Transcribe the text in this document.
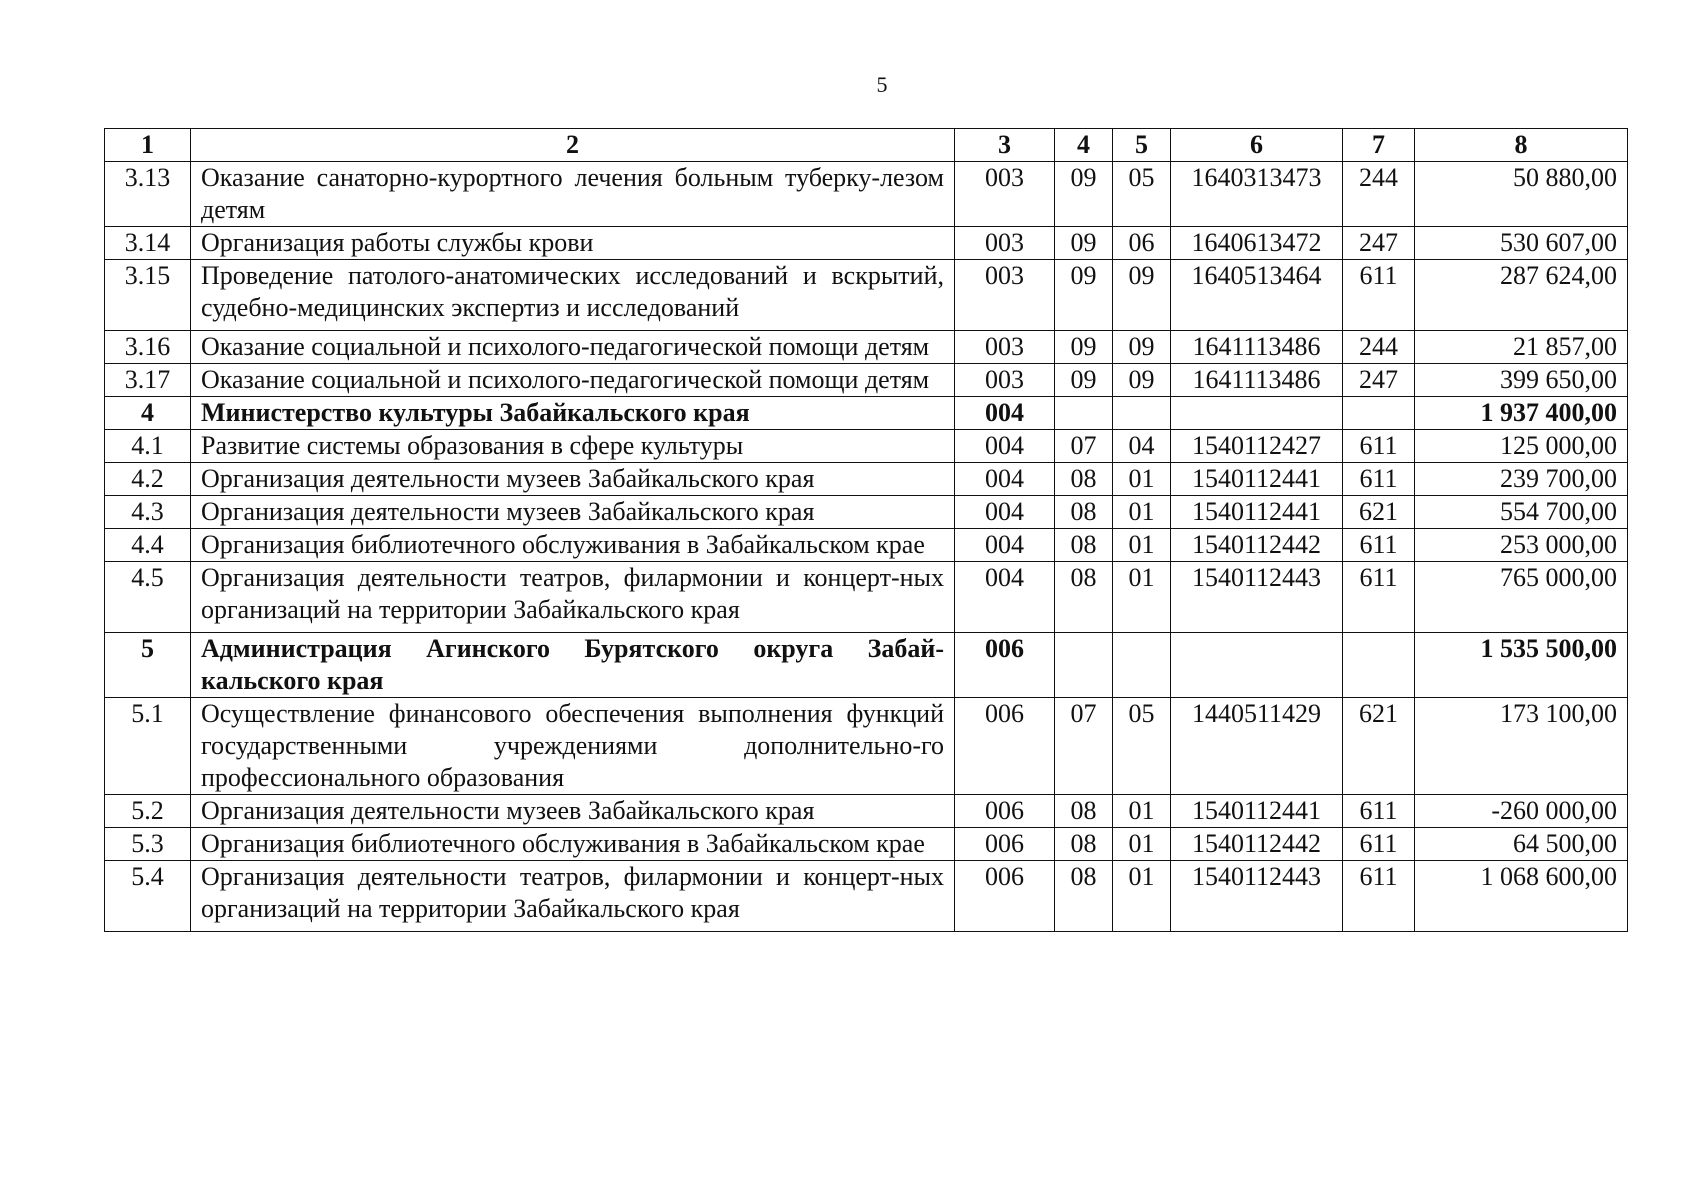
5
1	2	3	4	5	6	7	8
3.13	Оказание санаторно-курортного лечения больным туберку-лезом детям	003	09	05	1640313473	244	50 880,00
3.14	Организация работы службы крови	003	09	06	1640613472	247	530 607,00
3.15	Проведение патолого-анатомических исследований и вскрытий, судебно-медицинских экспертиз и исследований	003	09	09	1640513464	611	287 624,00
3.16	Оказание социальной и психолого-педагогической помощи детям	003	09	09	1641113486	244	21 857,00
3.17	Оказание социальной и психолого-педагогической помощи детям	003	09	09	1641113486	247	399 650,00
4	Министерство культуры Забайкальского края	004					1 937 400,00
4.1	Развитие системы образования в сфере культуры	004	07	04	1540112427	611	125 000,00
4.2	Организация деятельности музеев Забайкальского края	004	08	01	1540112441	611	239 700,00
4.3	Организация деятельности музеев Забайкальского края	004	08	01	1540112441	621	554 700,00
4.4	Организация библиотечного обслуживания в Забайкальском крае	004	08	01	1540112442	611	253 000,00
4.5	Организация деятельности театров, филармонии и концерт-ных организаций на территории Забайкальского края	004	08	01	1540112443	611	765 000,00
5	Администрация Агинского Бурятского округа Забай-кальского края	006					1 535 500,00
5.1	Осуществление финансового обеспечения выполнения функций государственными учреждениями дополнительно-го профессионального образования	006	07	05	1440511429	621	173 100,00
5.2	Организация деятельности музеев Забайкальского края	006	08	01	1540112441	611	-260 000,00
5.3	Организация библиотечного обслуживания в Забайкальском крае	006	08	01	1540112442	611	64 500,00
5.4	Организация деятельности театров, филармонии и концерт-ных организаций на территории Забайкальского края	006	08	01	1540112443	611	1 068 600,00
